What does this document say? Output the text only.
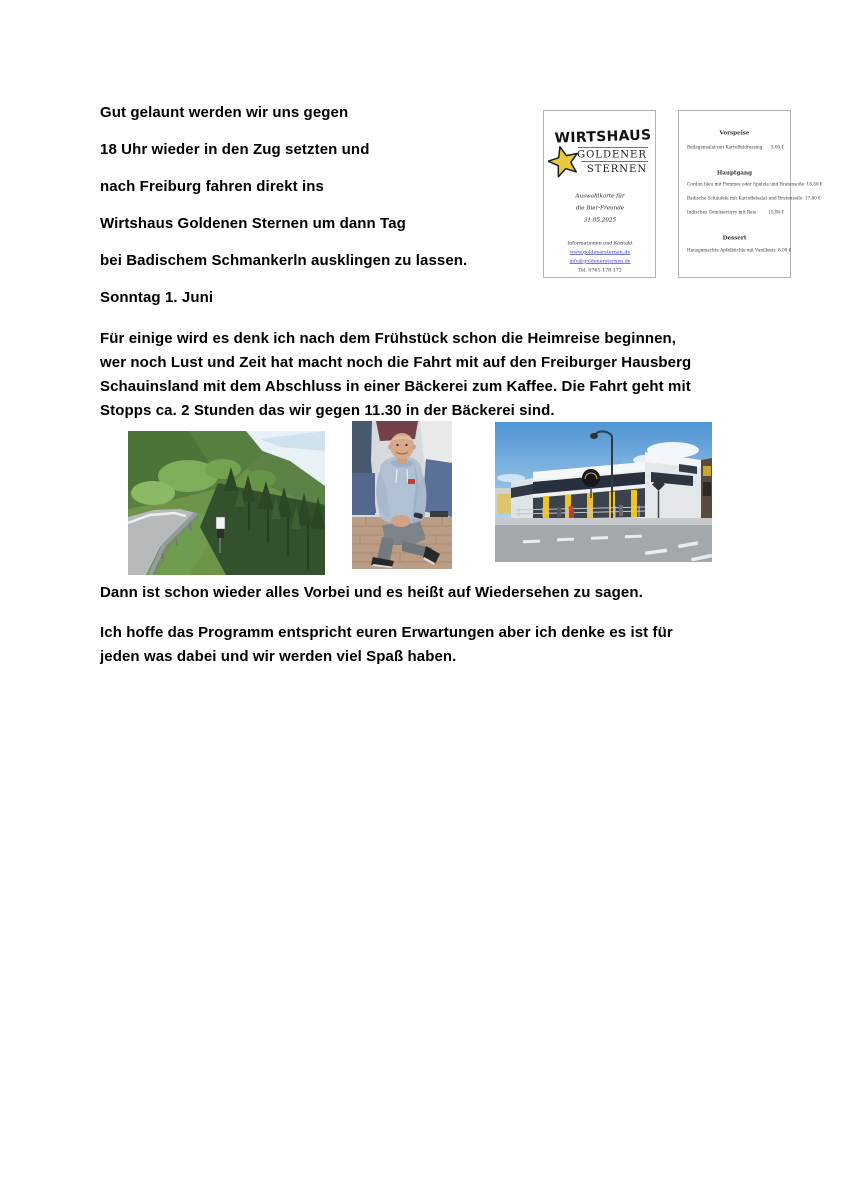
Gut gelaunt werden wir uns gegen
18 Uhr wieder in den Zug setzten und
nach Freiburg fahren direkt ins
Wirtshaus Goldenen Sternen um dann Tag
bei Badischem Schmankerln ausklingen zu lassen.
Sonntag 1. Juni
Für einige wird es denk ich nach dem Frühstück schon die Heimreise beginnen,
wer noch Lust und Zeit hat macht noch die Fahrt mit auf den Freiburger Hausberg
Schauinsland mit dem Abschluss in einer Bäckerei zum Kaffee. Die Fahrt geht mit
Stopps ca. 2 Stunden das wir gegen 11.30 in der Bäckerei sind.
WIRTSHAUS
GOLDENER
STERNEN
Auswahlkarte für
die Bier-Freunde
31.05.2025
Informationen und Kontakt
www.goldenersternen.de
info@goldenersternen.de
Tel. 0761-178 172
Vorspeise
Beilagensalat mit Kartoffeldressing 5,00 €
Hauptgang
Cordon bleu mit Pommes oder Spätzle und Bratensoße 18,50 €
Badische Schäufele mit Kartoffelsalat und Bratensoße 17,80 €
Indisches Gemüsecurry mit Reis 15,80 €
Dessert
Hausgemachte Apfelküchle mit Vanilleeis 8,00 €
Dann ist schon wieder alles Vorbei und es heißt auf Wiedersehen zu sagen.
Ich hoffe das Programm entspricht euren Erwartungen aber ich denke es ist für
jeden was dabei und wir werden viel Spaß haben.
